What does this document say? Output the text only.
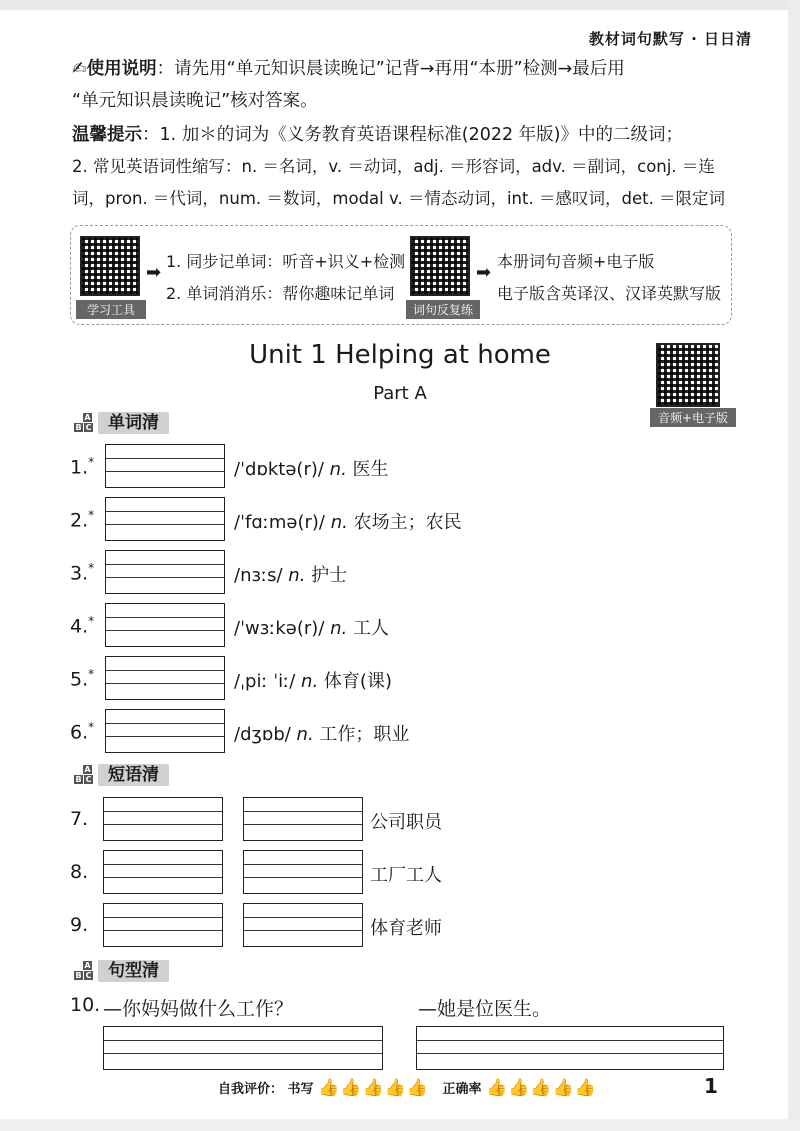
教材词句默写 · 日日清
✍使用说明：请先用“单元知识晨读晚记”记背→再用“本册”检测→最后用
“单元知识晨读晚记”核对答案。
温馨提示：1. 加＊的词为《义务教育英语课程标准(2022 年版)》中的二级词；
2. 常见英语词性缩写：n. ＝名词，v. ＝动词，adj. ＝形容词，adv. ＝副词，conj. ＝连
词，pron. ＝代词，num. ＝数词，modal v. ＝情态动词，int. ＝感叹词，det. ＝限定词
学习工具
➡
1. 同步记单词：听音+识义+检测
2. 单词消消乐：帮你趣味记单词
词句反复练
➡
本册词句音频+电子版
电子版含英译汉、汉译英默写版
Unit 1 Helping at home
Part A
音频+电子版
A
B C 单词清
1.*	/ˈdɒktə(r)/ n. 医生
2.*	/ˈfɑːmə(r)/ n. 农场主；农民
3.*	/nɜːs/ n. 护士
4.*	/ˈwɜːkə(r)/ n. 工人
5.*	/ˌpiː ˈiː/ n. 体育(课)
6.*	/dʒɒb/ n. 工作；职业
A
B C 短语清
7.	公司职员
8.	工厂工人
9.	体育老师
A
B C 句型清
10. —你妈妈做什么工作？	—她是位医生。
自我评价： 书写 👍👍👍👍👍 正确率 👍👍👍👍👍	1
